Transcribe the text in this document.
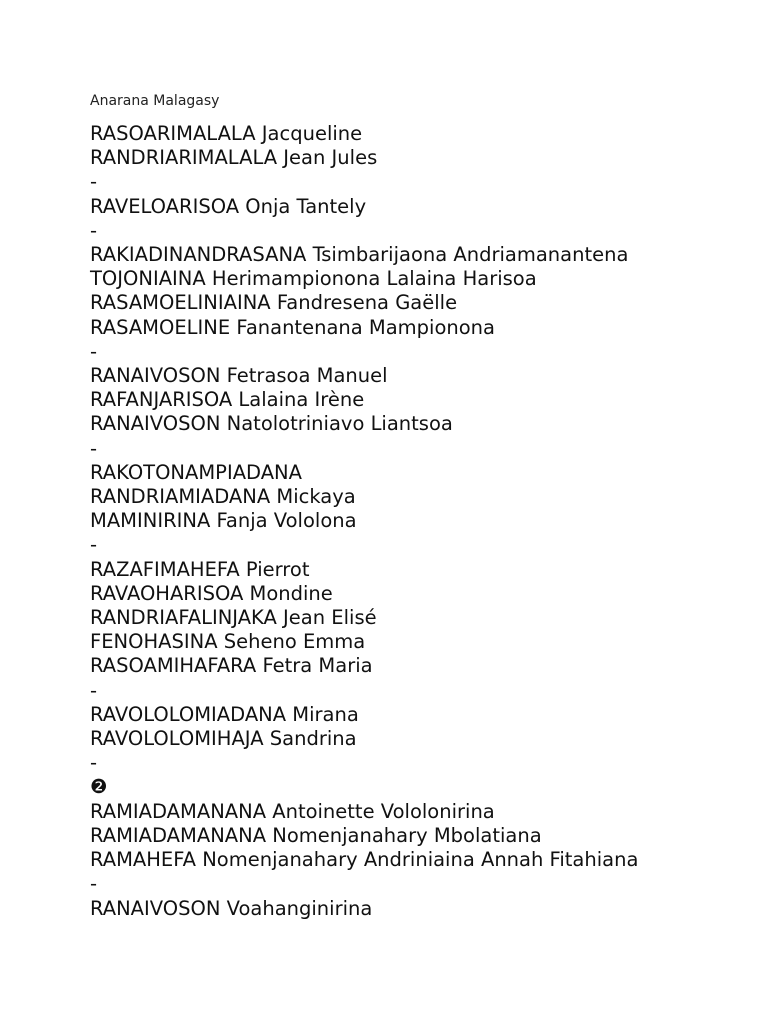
Anarana Malagasy
RASOARIMALALA Jacqueline
RANDRIARIMALALA Jean Jules
-
RAVELOARISOA Onja Tantely
-
RAKIADINANDRASANA Tsimbarijaona Andriamanantena
TOJONIAINA Herimampionona Lalaina Harisoa
RASAMOELINIAINA Fandresena Gaëlle
RASAMOELINE Fanantenana Mampionona
-
RANAIVOSON Fetrasoa Manuel
RAFANJARISOA Lalaina Irène
RANAIVOSON Natolotriniavo Liantsoa
-
RAKOTONAMPIADANA
RANDRIAMIADANA Mickaya
MAMINIRINA Fanja Vololona
-
RAZAFIMAHEFA Pierrot
RAVAOHARISOA Mondine
RANDRIAFALINJAKA Jean Elisé
FENOHASINA Seheno Emma
RASOAMIHAFARA Fetra Maria
-
RAVOLOLOMIADANA Mirana
RAVOLOLOMIHAJA Sandrina
-
❷
RAMIADAMANANA Antoinette Vololonirina
RAMIADAMANANA Nomenjanahary Mbolatiana
RAMAHEFA Nomenjanahary Andriniaina Annah Fitahiana
-
RANAIVOSON Voahanginirina
